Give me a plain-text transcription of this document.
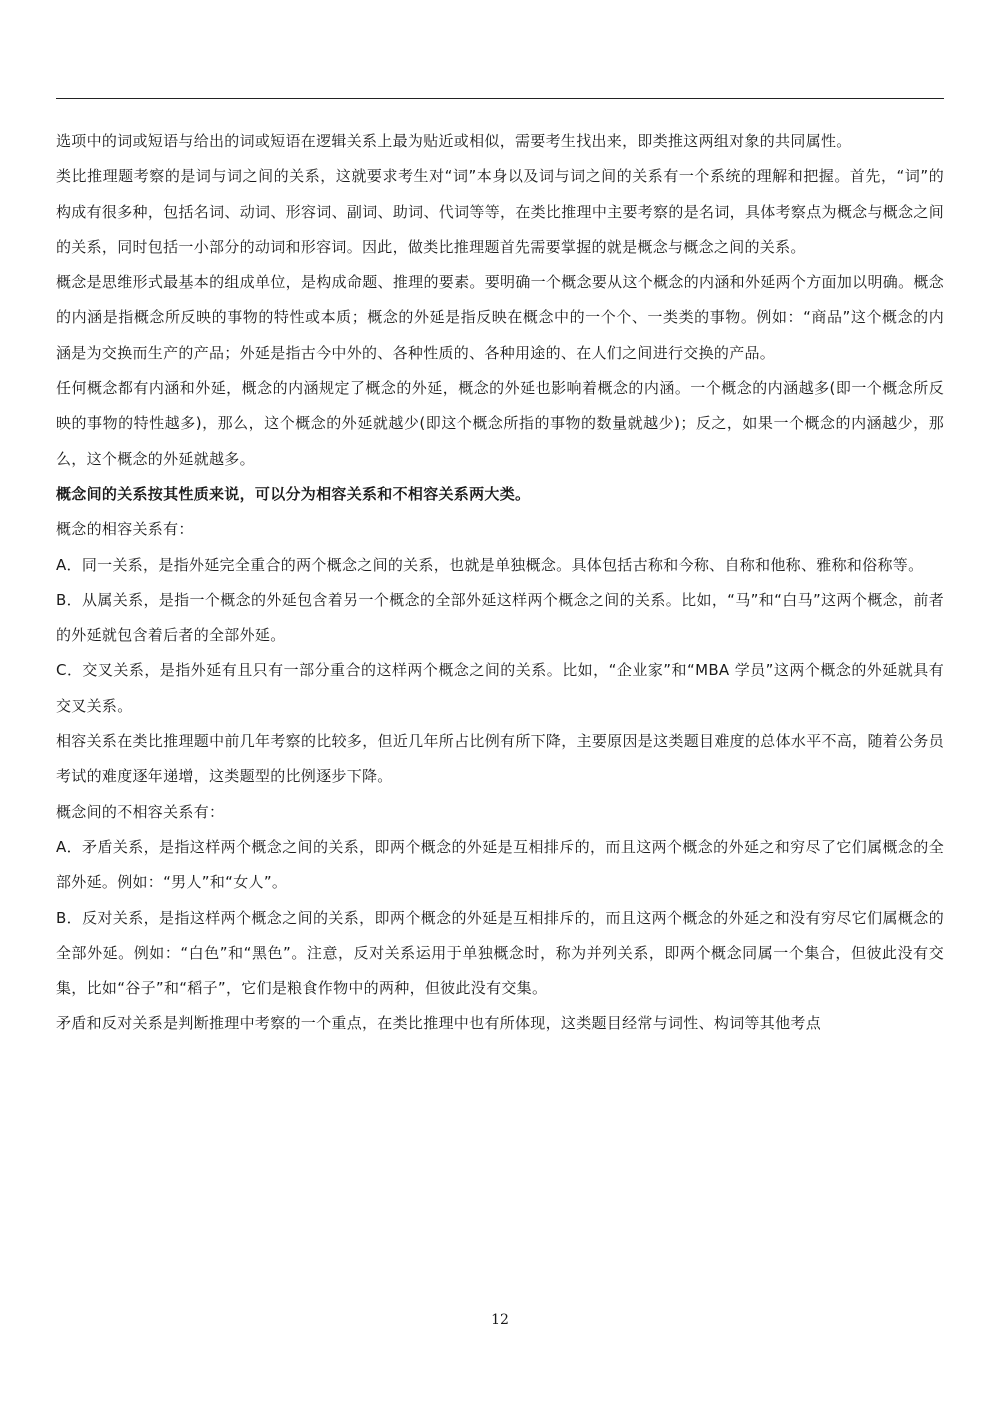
选项中的词或短语与给出的词或短语在逻辑关系上最为贴近或相似，需要考生找出来，即类推这两组对象的共同属性。

类比推理题考察的是词与词之间的关系，这就要求考生对“词”本身以及词与词之间的关系有一个系统的理解和把握。首先，“词”的构成有很多种，包括名词、动词、形容词、副词、助词、代词等等，在类比推理中主要考察的是名词，具体考察点为概念与概念之间的关系，同时包括一小部分的动词和形容词。因此，做类比推理题首先需要掌握的就是概念与概念之间的关系。

概念是思维形式最基本的组成单位，是构成命题、推理的要素。要明确一个概念要从这个概念的内涵和外延两个方面加以明确。概念的内涵是指概念所反映的事物的特性或本质；概念的外延是指反映在概念中的一个个、一类类的事物。例如：“商品”这个概念的内涵是为交换而生产的产品；外延是指古今中外的、各种性质的、各种用途的、在人们之间进行交换的产品。

任何概念都有内涵和外延，概念的内涵规定了概念的外延，概念的外延也影响着概念的内涵。一个概念的内涵越多(即一个概念所反映的事物的特性越多)，那么，这个概念的外延就越少(即这个概念所指的事物的数量就越少)；反之，如果一个概念的内涵越少，那么，这个概念的外延就越多。

概念间的关系按其性质来说，可以分为相容关系和不相容关系两大类。

概念的相容关系有：

A．同一关系，是指外延完全重合的两个概念之间的关系，也就是单独概念。具体包括古称和今称、自称和他称、雅称和俗称等。

B．从属关系，是指一个概念的外延包含着另一个概念的全部外延这样两个概念之间的关系。比如，“马”和“白马”这两个概念，前者的外延就包含着后者的全部外延。

C．交叉关系，是指外延有且只有一部分重合的这样两个概念之间的关系。比如，“企业家”和“MBA 学员”这两个概念的外延就具有交叉关系。

相容关系在类比推理题中前几年考察的比较多，但近几年所占比例有所下降，主要原因是这类题目难度的总体水平不高，随着公务员考试的难度逐年递增，这类题型的比例逐步下降。

概念间的不相容关系有：

A．矛盾关系，是指这样两个概念之间的关系，即两个概念的外延是互相排斥的，而且这两个概念的外延之和穷尽了它们属概念的全部外延。例如：“男人”和“女人”。

B．反对关系，是指这样两个概念之间的关系，即两个概念的外延是互相排斥的，而且这两个概念的外延之和没有穷尽它们属概念的全部外延。例如：“白色”和“黑色”。注意，反对关系运用于单独概念时，称为并列关系，即两个概念同属一个集合，但彼此没有交集，比如“谷子”和“稻子”，它们是粮食作物中的两种，但彼此没有交集。

矛盾和反对关系是判断推理中考察的一个重点，在类比推理中也有所体现，这类题目经常与词性、构词等其他考点

12
